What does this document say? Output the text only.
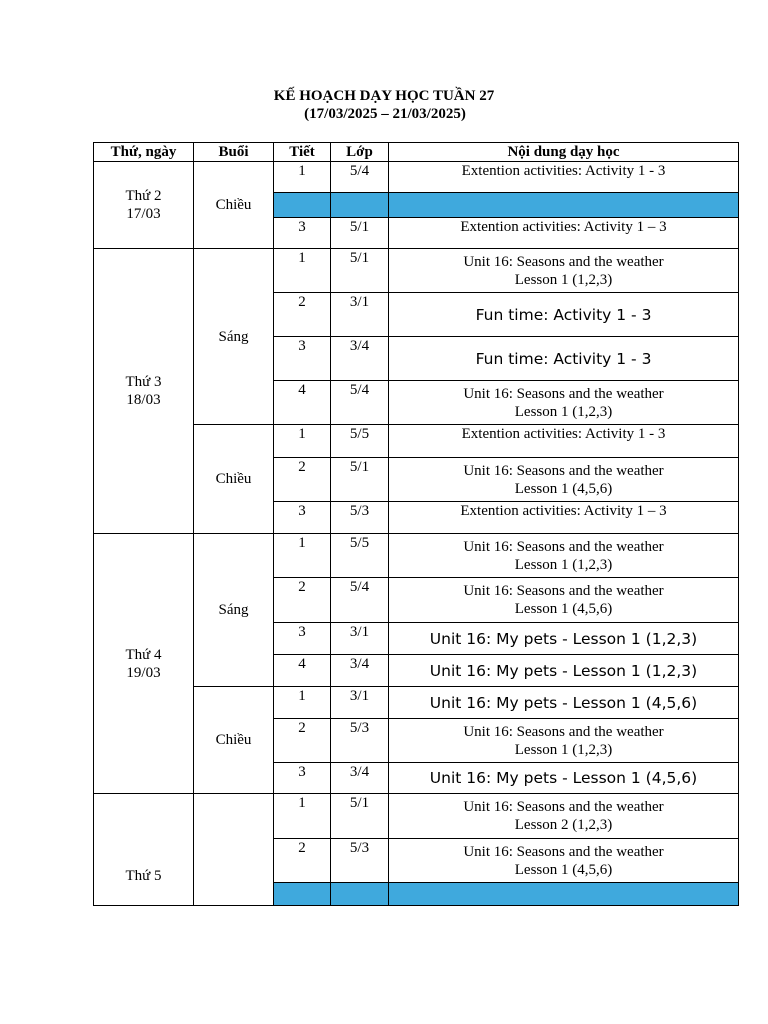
KẾ HOẠCH DẠY HỌC TUẦN 27
(17/03/2025 – 21/03/2025)
Thứ, ngày	Buổi	Tiết	Lớp	Nội dung dạy học

Thứ 2
17/03	Chiều	1	5/4	Extention activities: Activity 1 - 3

		3	5/1	Extention activities: Activity 1 – 3

Thứ 3
18/03	Sáng	1	5/1	Unit 16: Seasons and the weather
Lesson 1 (1,2,3)

		2	3/1	Fun time: Activity 1 - 3

		3	3/4	Fun time: Activity 1 - 3

		4	5/4	Unit 16: Seasons and the weather
Lesson 1 (1,2,3)

	Chiều	1	5/5	Extention activities: Activity 1 - 3

		2	5/1	Unit 16: Seasons and the weather
Lesson 1 (4,5,6)

		3	5/3	Extention activities: Activity 1 – 3

Thứ 4
19/03	Sáng	1	5/5	Unit 16: Seasons and the weather
Lesson 1 (1,2,3)

		2	5/4	Unit 16: Seasons and the weather
Lesson 1 (4,5,6)

		3	3/1	Unit 16: My pets - Lesson 1 (1,2,3)

		4	3/4	Unit 16: My pets - Lesson 1 (1,2,3)

	Chiều	1	3/1	Unit 16: My pets - Lesson 1 (4,5,6)

		2	5/3	Unit 16: Seasons and the weather
Lesson 1 (1,2,3)

		3	3/4	Unit 16: My pets - Lesson 1 (4,5,6)

Thứ 5		1	5/1	Unit 16: Seasons and the weather
Lesson 2 (1,2,3)

		2	5/3	Unit 16: Seasons and the weather
Lesson 1 (4,5,6)
